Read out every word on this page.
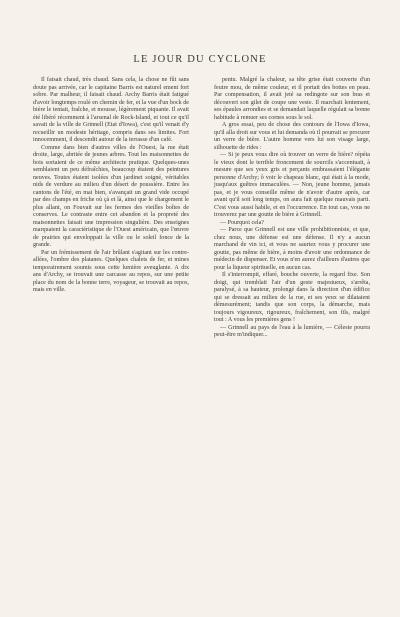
LE JOUR DU CYCLONE

Il faisait chaud, très chaud. Sans cela, la chose ne fût sans doute pas arrivée, car le capitaine Barris est naturel ement fort sobre. Par malheur, il faisait chaud. Archy Barris était fatigué d'avoir longtemps roulé en chemin de fer, et la vue d'un bock de bière le tentait, fraîche, et mousse, légèrement piquante. Il avait été libéré récemment à l'arsenal de Rock-Island, et tout ce qu'il savait de la ville de Grinnell (Etat d'Iowa), c'est qu'il venait d'y recueillir un modeste héritage, compris dans ses limites. Fort innocemment, il descendit autour de la terrasse d'un café.

Comme dans bien d'autres villes de l'Ouest, la rue était droite, large, abritée de jeunes arbres. Tout les maisonnettes de bois sortaient de ce même architecte pratique. Quelques-unes semblaient un peu défraîchies, beaucoup étaient des peintures neuves. Toutes étaient isolées d'un jardinet soigné, véritables nids de verdure au milieu d'un désert de poussière. Entre les cantons de l'été, en mai bien, s'avançait un grand vide occupé par des champs en friche où çà et là, ainsi que le chargement le plus allant, on Fouvait sur les fermes des vieilles boîtes de conserves. Le contraste entre cet abandon et la propreté des maisonnettes faisait une impression singulière. Des enseignes marquaient la caractéristique de l'Ouest américain, que l'œuvre de prairies qui enveloppait la ville ou le soleil fonce de la grande.

Par un frémissement de l'air brûlant s'agitant sur les contre-allées, l'ombre des platanes. Quelques chalets de fer, et mines temporairement soumis sous cette lumière aveuglante. A dix ans d'Archy, se trouvait une carcasse au repos, sur une petite place du nom de la bonne terre, voyageur, se trouvait au repos, mais en ville.

pentu. Malgré la chaleur, sa tête grise était couverte d'un feutre mou, de même couleur, et il portait des bottes en peau. Par compensation, il avait jeté sa redingote sur son bras et découvert son gilet de coupe une veste. Il marchait lentement, ses épaules arrondies et se demandait laquelle régulait sa bonne habitude à remuer ses cornes sous le sol.

A gros essai, peu de chose des contours de l'Iowa d'Iowa, qu'il alla droit sur vous et lui demanda où il pourrait se procurer un verre de bière. L'autre homme vers lui son visage large, silhouette de rides :

— Si je peux vous dire où trouver un verre de bière? répéta le vieux dont le terrible froncement de sourcils s'accentuait, à mesure que ses yeux gris et perçants embrassaient l'élégante personne d'Archy; ô voir le chapeau blanc, qui était à la mode, jusqu'aux guêtres immaculées. — Non, jeune homme, jamais pas, et je vous conseille même de n'avoir d'autre aprés, car avant qu'il soit long temps, on aura fait quelque mauvais parti. C'est vous aussi habile, et en l'occurrence. En tout cas, vous ne trouverez par une goutte de bière à Grinnell.

— Pourquoi cela?

— Parce que Grinnell est une ville prohibitionniste, et que, chez nous, une défense est une défense. Il n'y a aucun marchand de vin ici, et vous ne sauriez vous y procurer une goutte, pas même de bière, à moins d'avoir une ordonnance de médecin de dispenser. Et vous n'en aurez d'ailleurs d'autres que pour la liqueur spirituelle, en aucun cas.

Il s'interrompit, effaré, bouche ouverte, la regard fixe. Son doigt, qui tremblait l'air d'un geste majestueux, s'arrêta, paralysé, à sa hauteur, prolongé dans la direction d'un édifice qui se dressait au milieu de la rue, et ses yeux se dilataient démesurément; tandis que son corps, la démarche, mais toujours vigoureux, rigoureux, fraîchement, son fils, malgré tout : A vous les premières gens !

— Grinnell au pays de l'eau à la lumière, — Céleste pourra peut-être m'indiquer...
